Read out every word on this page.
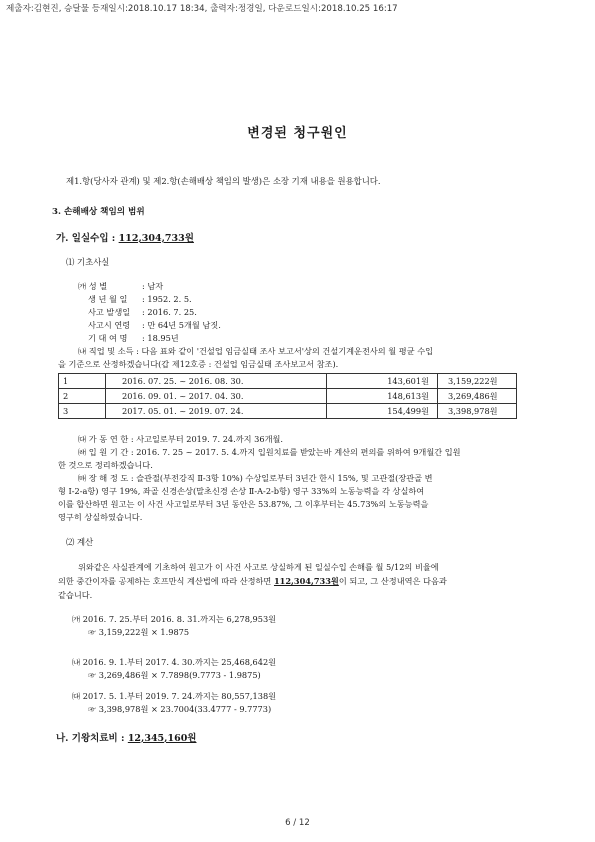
제출자:김현진, 승달물 등재일시:2018.10.17 18:34, 출력자:정경일, 다운로드일시:2018.10.25 16:17
변경된 청구원인
제1.항(당사자 관계) 및 제2.항(손해배상 책임의 발생)은 소장 기재 내용을 원용합니다.
3. 손해배상 책임의 범위
가. 일실수입 : 112,304,733원
⑴ 기초사실
㈎ 성 별	: 남자
생 년 월 일 : 1952. 2. 5.
사고 발생일 : 2016. 7. 25.
사고시 연령 : 만 64년 5개월 남짓.
기 대 여 명 : 18.95년
㈏ 직업 및 소득 : 다음 표와 같이 '건설업 임금실태 조사 보고서'상의 건설기계운전사의 월 평균 수입
을 기준으로 산정하겠습니다(갑 제12호증 : 건설업 임금실태 조사보고서 참조).
1	2016. 07. 25. ~ 2016. 08. 30.	143,601원	3,159,222원
2	2016. 09. 01. ~ 2017. 04. 30.	148,613원	3,269,486원
3	2017. 05. 01. ~ 2019. 07. 24.	154,499원	3,398,978원
㈐ 가 동 연 한 : 사고일로부터 2019. 7. 24.까지 36개월.
㈑ 입 원 기 간 : 2016. 7. 25 ~ 2017. 5. 4.까지 입원치료를 받았는바 계산의 편의를 위하여 9개월간 입원
한 것으로 정리하겠습니다.
㈒ 장 해 정 도 : 슬관절(부전강직 Ⅱ-3항 10%) 수상일로부터 3년간 한시 15%, 및 고관절(장관골 변
형 Ⅰ-2-a항) 영구 19%, 좌골 신경손상(말초신경 손상 Ⅱ-A-2-b항) 영구 33%의 노동능력을 각 상실하여
이를 합산하면 원고는 이 사건 사고일로부터 3년 동안은 53.87%, 그 이후부터는 45.73%의 노동능력을
영구히 상실하였습니다.
⑵ 계산
위와같은 사실관계에 기초하여 원고가 이 사건 사고로 상실하게 된 일실수입 손해를 월 5/12의 비율에
의한 중간이자를 공제하는 호프만식 계산법에 따라 산정하면 112,304,733원이 되고, 그 산정내역은 다음과
같습니다.
㈎ 2016. 7. 25.부터 2016. 8. 31.까지는 6,278,953원
☞ 3,159,222원 × 1.9875
㈏ 2016. 9. 1.부터 2017. 4. 30.까지는 25,468,642원
☞ 3,269,486원 × 7.7898(9.7773 - 1.9875)
㈐ 2017. 5. 1.부터 2019. 7. 24.까지는 80,557,138원
☞ 3,398,978원 × 23.7004(33.4777 - 9.7773)
나. 기왕치료비 : 12,345,160원
6 / 12
